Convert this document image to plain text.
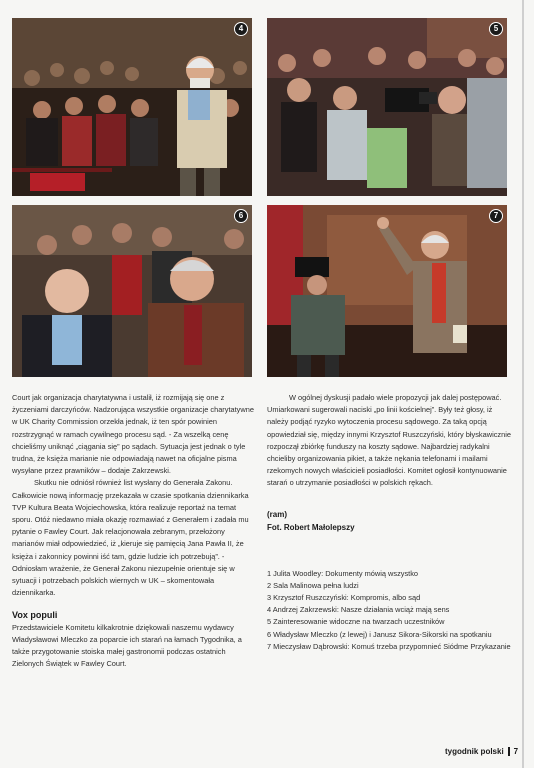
4	5
6	7

Court jak organizacja charytatywna i ustalił, iż rozmijają się one z życzeniami darczyńców. Nadzorująca wszystkie organizacje charytatywne w UK Charity Commission orzekła jednak, iż ten spór powinien rozstrzygnąć w ramach cywilnego procesu sąd. - Za wszelką cenę chcieliśmy uniknąć „ciągania się” po sądach. Sytuacja jest jednak o tyle trudna, że księża marianie nie odpowiadają nawet na oficjalne pisma wysyłane przez prawników – dodaje Zakrzewski.

Skutku nie odniósł również list wysłany do Generała Zakonu. Całkowicie nową informację przekazała w czasie spotkania dziennikarka TVP Kultura Beata Wojciechowska, która realizuje reportaż na temat sporu. Otóż niedawno miała okazję rozmawiać z Generałem i zadała mu pytanie o Fawley Court. Jak relacjonowała zebranym, przełożony marianów miał odpowiedzieć, iż „kieruje się pamięcią Jana Pawła II, że księża i zakonnicy powinni iść tam, gdzie ludzie ich potrzebują”. - Odniosłam wrażenie, że Generał Zakonu niezupełnie orientuje się w sytuacji i potrzebach polskich wiernych w UK – skomentowała dziennikarka.

Vox populi

Przedstawiciele Komitetu kilkakrotnie dziękowali naszemu wydawcy Władysławowi Mleczko za poparcie ich starań na łamach Tygodnika, a także przygotowanie stoiska małej gastronomii podczas ostatnich Zielonych Świątek w Fawley Court.

W ogólnej dyskusji padało wiele propozycji jak dalej postępować. Umiarkowani sugerowali naciski „po linii kościelnej”. Były też głosy, iż należy podjąć ryzyko wytoczenia procesu sądowego. Za taką opcją opowiedział się, między innymi Krzysztof Ruszczyński, który błyskawicznie rozpoczął zbiórkę funduszy na koszty sądowe. Najbardziej radykalni chcieliby organizowania pikiet, a także nękania telefonami i mailami rzekomych nowych właścicieli posiadłości. Komitet ogłosił kontynuowanie starań o utrzymanie posiadłości w polskich rękach.

(ram)
Fot. Robert Małolepszy
1 Julita Woodley: Dokumenty mówią wszystko
2 Sala Malinowa pełna ludzi
3 Krzysztof Ruszczyński: Kompromis, albo sąd
4 Andrzej Zakrzewski: Nasze działania wciąż mają sens
5 Zainteresowanie widoczne na twarzach uczestników
6 Władysław Mleczko (z lewej) i Janusz Sikora-Sikorski na spotkaniu
7 Mieczysław Dąbrowski: Komuś trzeba przypomnieć Siódme Przykazanie
tygodnik polski 7
